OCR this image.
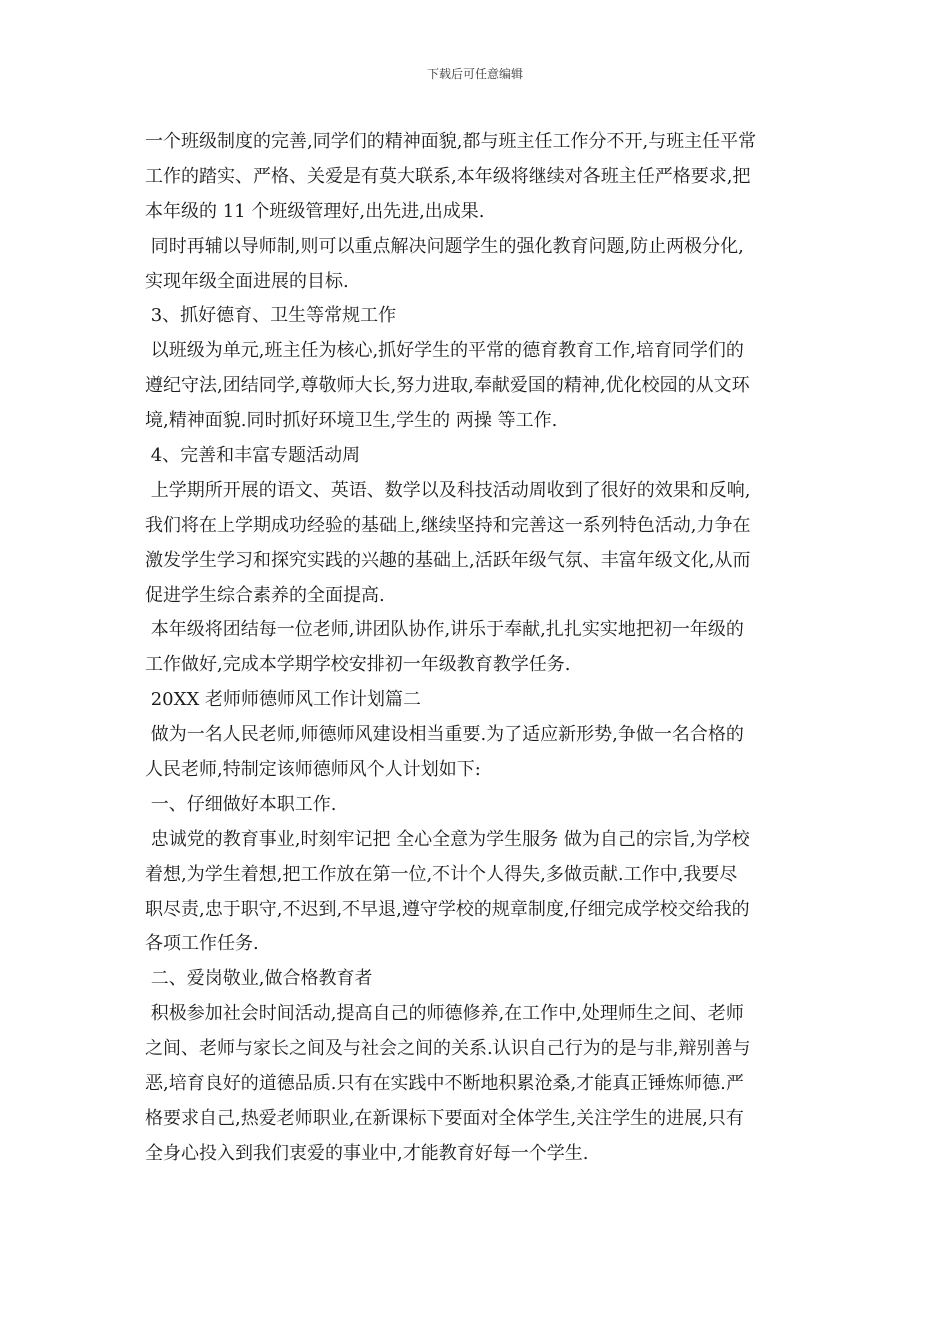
下载后可任意编辑
一个班级制度的完善,同学们的精神面貌,都与班主任工作分不开,与班主任平常
工作的踏实、严格、关爱是有莫大联系,本年级将继续对各班主任严格要求,把
本年级的 11 个班级管理好,出先进,出成果.
同时再辅以导师制,则可以重点解决问题学生的强化教育问题,防止两极分化,
实现年级全面进展的目标.
3、抓好德育、卫生等常规工作
以班级为单元,班主任为核心,抓好学生的平常的德育教育工作,培育同学们的
遵纪守法,团结同学,尊敬师大长,努力进取,奉献爱国的精神,优化校园的从文环
境,精神面貌.同时抓好环境卫生,学生的 两操 等工作.
4、完善和丰富专题活动周
上学期所开展的语文、英语、数学以及科技活动周收到了很好的效果和反响,
我们将在上学期成功经验的基础上,继续坚持和完善这一系列特色活动,力争在
激发学生学习和探究实践的兴趣的基础上,活跃年级气氛、丰富年级文化,从而
促进学生综合素养的全面提高.
本年级将团结每一位老师,讲团队协作,讲乐于奉献,扎扎实实地把初一年级的
工作做好,完成本学期学校安排初一年级教育教学任务.
20XX 老师师德师风工作计划篇二
做为一名人民老师,师德师风建设相当重要.为了适应新形势,争做一名合格的
人民老师,特制定该师德师风个人计划如下:
一、仔细做好本职工作.
忠诚党的教育事业,时刻牢记把 全心全意为学生服务 做为自己的宗旨,为学校
着想,为学生着想,把工作放在第一位,不计个人得失,多做贡献.工作中,我要尽
职尽责,忠于职守,不迟到,不早退,遵守学校的规章制度,仔细完成学校交给我的
各项工作任务.
二、爱岗敬业,做合格教育者
积极参加社会时间活动,提高自己的师德修养,在工作中,处理师生之间、老师
之间、老师与家长之间及与社会之间的关系.认识自己行为的是与非,辩别善与
恶,培育良好的道德品质.只有在实践中不断地积累沧桑,才能真正锤炼师德.严
格要求自己,热爱老师职业,在新课标下要面对全体学生,关注学生的进展,只有
全身心投入到我们衷爱的事业中,才能教育好每一个学生.
